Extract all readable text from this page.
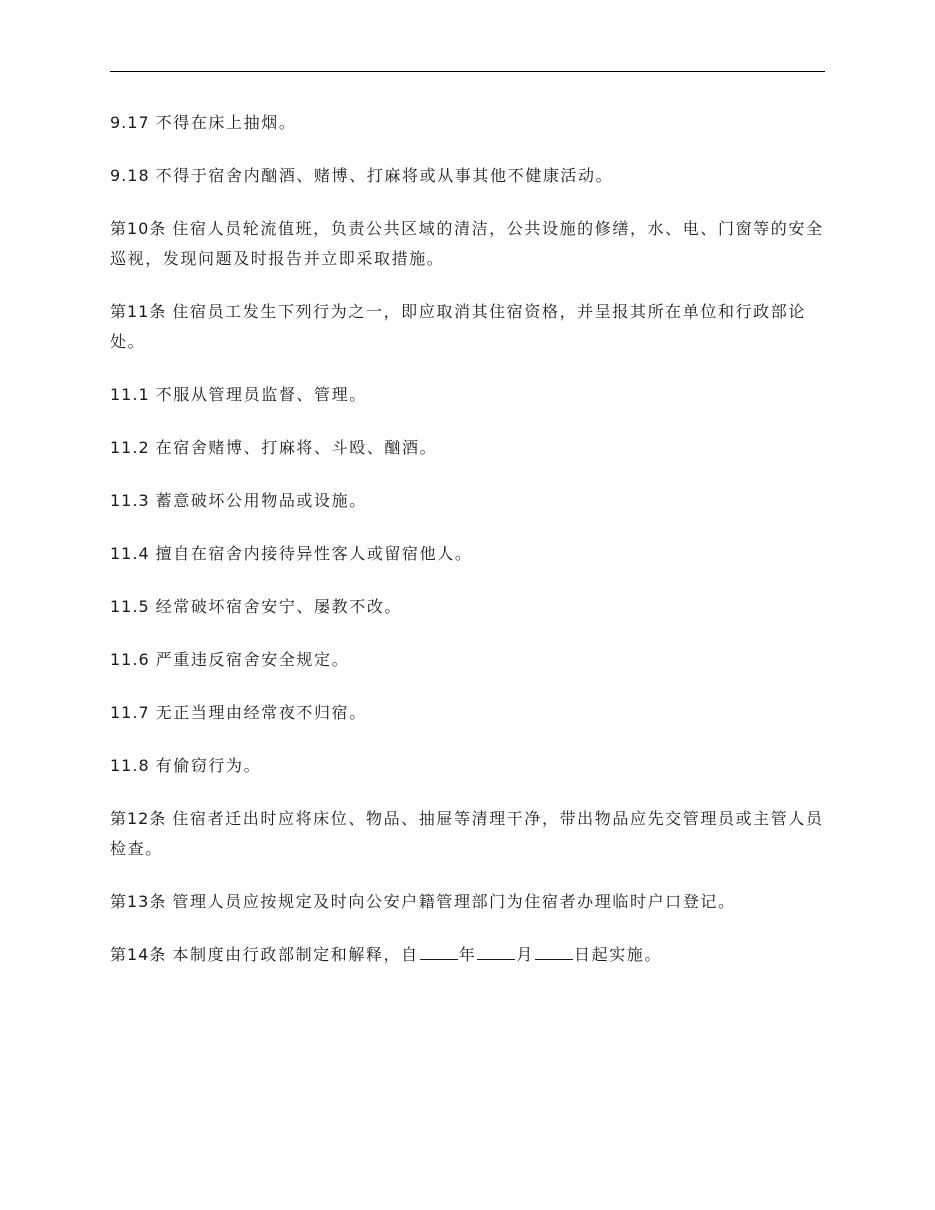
9.17 不得在床上抽烟。

9.18 不得于宿舍内酗酒、赌博、打麻将或从事其他不健康活动。

第10条 住宿人员轮流值班，负责公共区域的清洁，公共设施的修缮，水、电、门窗等的安全巡视，发现问题及时报告并立即采取措施。

第11条 住宿员工发生下列行为之一，即应取消其住宿资格，并呈报其所在单位和行政部论处。

11.1 不服从管理员监督、管理。

11.2 在宿舍赌博、打麻将、斗殴、酗酒。

11.3 蓄意破坏公用物品或设施。

11.4 擅自在宿舍内接待异性客人或留宿他人。

11.5 经常破坏宿舍安宁、屡教不改。

11.6 严重违反宿舍安全规定。

11.7 无正当理由经常夜不归宿。

11.8 有偷窃行为。

第12条 住宿者迁出时应将床位、物品、抽屉等清理干净，带出物品应先交管理员或主管人员检查。

第13条 管理人员应按规定及时向公安户籍管理部门为住宿者办理临时户口登记。

第14条 本制度由行政部制定和解释，自	年	月	日起实施。
